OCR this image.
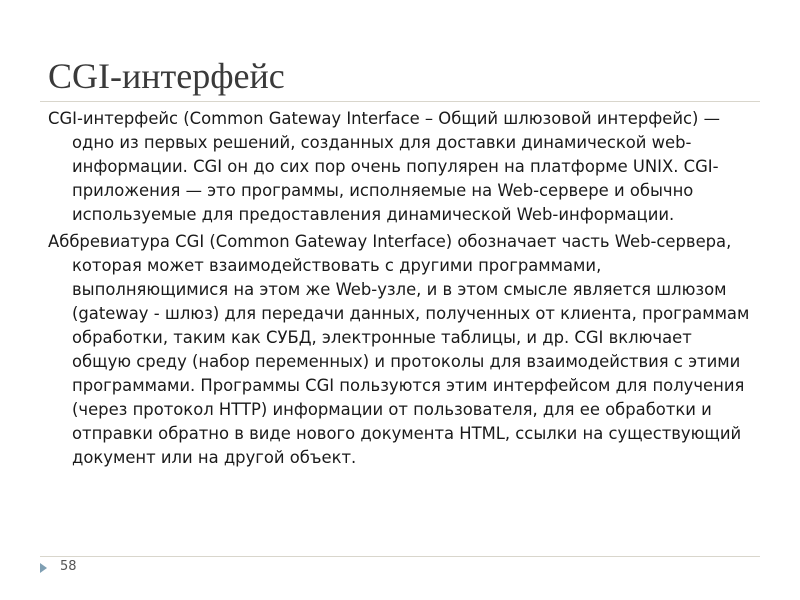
CGI-интерфейс

CGI-интерфейс (Common Gateway Interface – Общий шлюзовой интерфейс) — одно из первых решений, созданных для доставки динамической web-информации. CGI он до сих пор очень популярен на платформе UNIX. CGI-приложения — это программы, исполняемые на Web-сервере и обычно используемые для предоставления динамической Web-информации.

Аббревиатура CGI (Common Gateway Interface) обозначает часть Web-сервера, которая может взаимодействовать с другими программами, выполняющимися на этом же Web-узле, и в этом смысле является шлюзом (gateway - шлюз) для передачи данных, полученных от клиента, программам обработки, таким как СУБД, электронные таблицы, и др. CGI включает общую среду (набор переменных) и протоколы для взаимодействия с этими программами. Программы CGI пользуются этим интерфейсом для получения (через протокол HTTP) информации от пользователя, для ее обработки и отправки обратно в виде нового документа HTML, ссылки на существующий документ или на другой объект.

58
